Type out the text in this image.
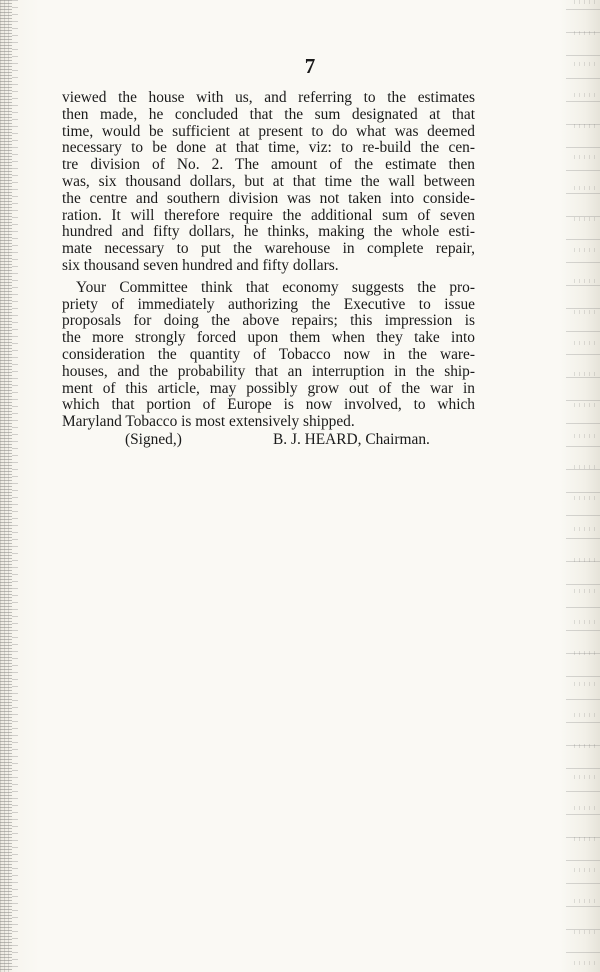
7
viewed the house with us, and referring to the estimates
then made, he concluded that the sum designated at that
time, would be sufficient at present to do what was deemed
necessary to be done at that time, viz: to re-build the cen-
tre division of No. 2. The amount of the estimate then
was, six thousand dollars, but at that time the wall between
the centre and southern division was not taken into conside-
ration. It will therefore require the additional sum of seven
hundred and fifty dollars, he thinks, making the whole esti-
mate necessary to put the warehouse in complete repair,
six thousand seven hundred and fifty dollars.
Your Committee think that economy suggests the pro-
priety of immediately authorizing the Executive to issue
proposals for doing the above repairs; this impression is
the more strongly forced upon them when they take into
consideration the quantity of Tobacco now in the ware-
houses, and the probability that an interruption in the ship-
ment of this article, may possibly grow out of the war in
which that portion of Europe is now involved, to which
Maryland Tobacco is most extensively shipped.
(Signed,)	B. J. HEARD, Chairman.
